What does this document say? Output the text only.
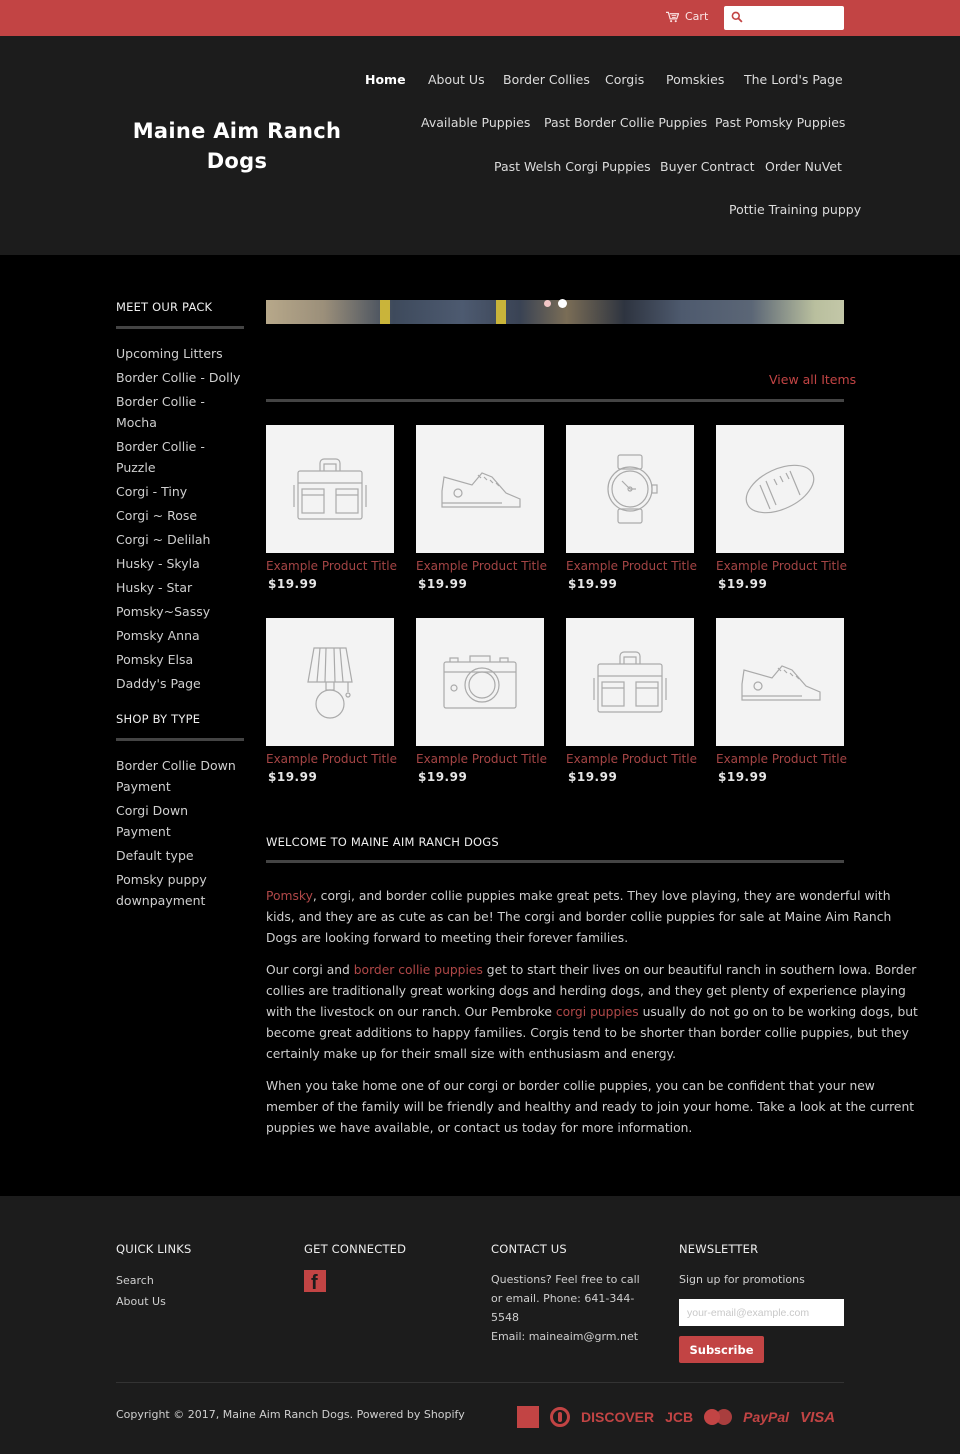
Cart
Maine Aim Ranch Dogs
Home About Us Border Collies Corgis Pomskies The Lord's Page
Available Puppies Past Border Collie Puppies Past Pomsky Puppies
Past Welsh Corgi Puppies Buyer Contract Order NuVet
Pottie Training puppy
MEET OUR PACK
Upcoming Litters
Border Collie - Dolly
Border Collie - Mocha
Border Collie - Puzzle
Corgi - Tiny
Corgi ~ Rose
Corgi ~ Delilah
Husky - Skyla
Husky - Star
Pomsky~Sassy
Pomsky Anna
Pomsky Elsa
Daddy's Page
SHOP BY TYPE
Border Collie Down Payment
Corgi Down Payment
Default type
Pomsky puppy downpayment
View all Items
Example Product Title
$19.99
Example Product Title
$19.99
Example Product Title
$19.99
Example Product Title
$19.99
Example Product Title
$19.99
Example Product Title
$19.99
Example Product Title
$19.99
Example Product Title
$19.99
WELCOME TO MAINE AIM RANCH DOGS

Pomsky, corgi, and border collie puppies make great pets. They love playing, they are wonderful with kids, and they are as cute as can be! The corgi and border collie puppies for sale at Maine Aim Ranch Dogs are looking forward to meeting their forever families.

Our corgi and border collie puppies get to start their lives on our beautiful ranch in southern Iowa. Border collies are traditionally great working dogs and herding dogs, and they get plenty of experience playing with the livestock on our ranch. Our Pembroke corgi puppies usually do not go on to be working dogs, but become great additions to happy families. Corgis tend to be shorter than border collie puppies, but they certainly make up for their small size with enthusiasm and energy.

When you take home one of our corgi or border collie puppies, you can be confident that your new member of the family will be friendly and healthy and ready to join your home. Take a look at the current puppies we have available, or contact us today for more information.

QUICK LINKS
Search
About Us
GET CONNECTED
f
CONTACT US
Questions? Feel free to call or email. Phone: 641-344-5548
Email: maineaim@grm.net
NEWSLETTER
Sign up for promotions
your-email@example.com
Subscribe
Copyright © 2017, Maine Aim Ranch Dogs. Powered by Shopify	DISCOVER JCB	PayPal VISA
